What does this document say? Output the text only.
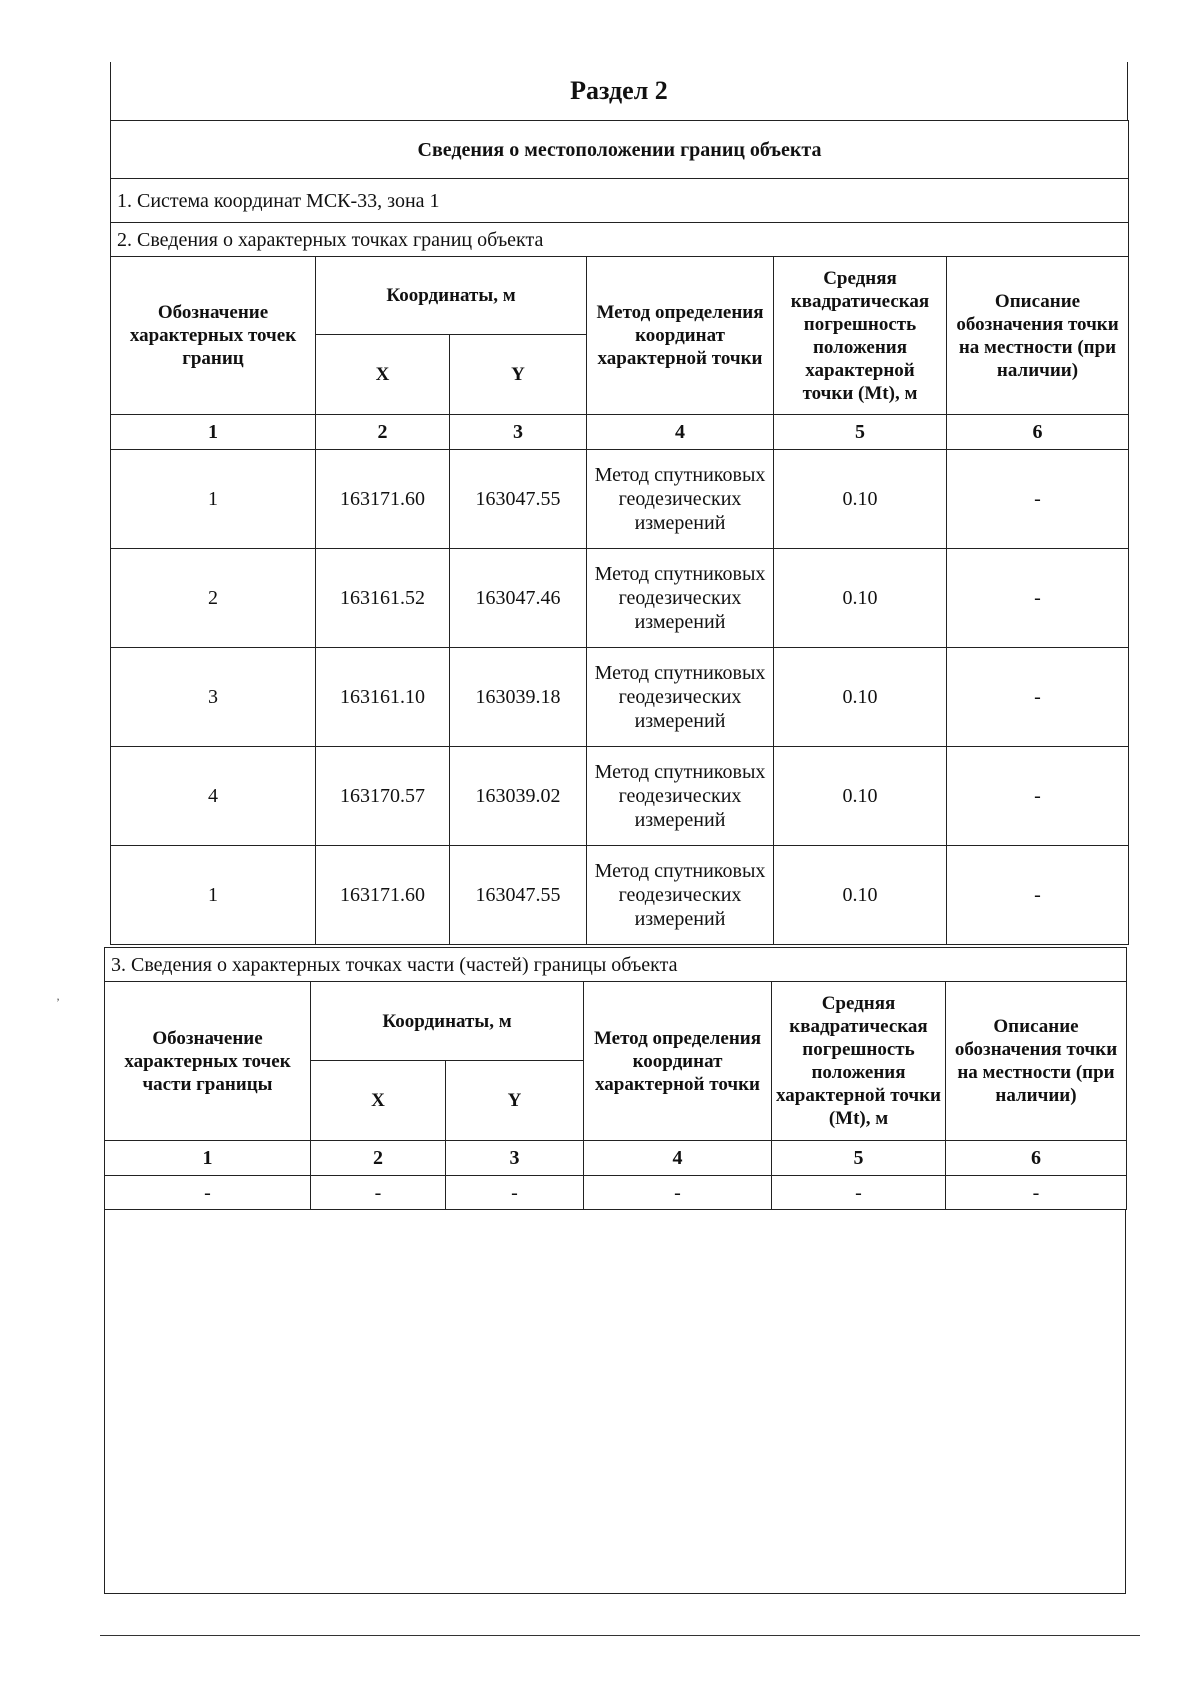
Раздел 2
Сведения о местоположении границ объекта					
1. Система координат МСК-33, зона 1					
2. Сведения о характерных точках границ объекта					
Обозначение характерных точек границ	Координаты, м		Метод определения координат характерной точки	Средняя квадратическая погрешность положения характерной точки (Mt), м	Описание обозначения точки на местности (при наличии)
	X	Y			
1	2	3	4	5	6
1	163171.60	163047.55	Метод спутниковых геодезических измерений	0.10	-
2	163161.52	163047.46	Метод спутниковых геодезических измерений	0.10	-
3	163161.10	163039.18	Метод спутниковых геодезических измерений	0.10	-
4	163170.57	163039.02	Метод спутниковых геодезических измерений	0.10	-
1	163171.60	163047.55	Метод спутниковых геодезических измерений	0.10	-
3. Сведения о характерных точках части (частей) границы объекта					
Обозначение характерных точек части границы	Координаты, м		Метод определения координат характерной точки	Средняя квадратическая погрешность положения характерной точки (Mt), м	Описание обозначения точки на местности (при наличии)
	X	Y			
1	2	3	4	5	6
-	-	-	-	-	-
’
